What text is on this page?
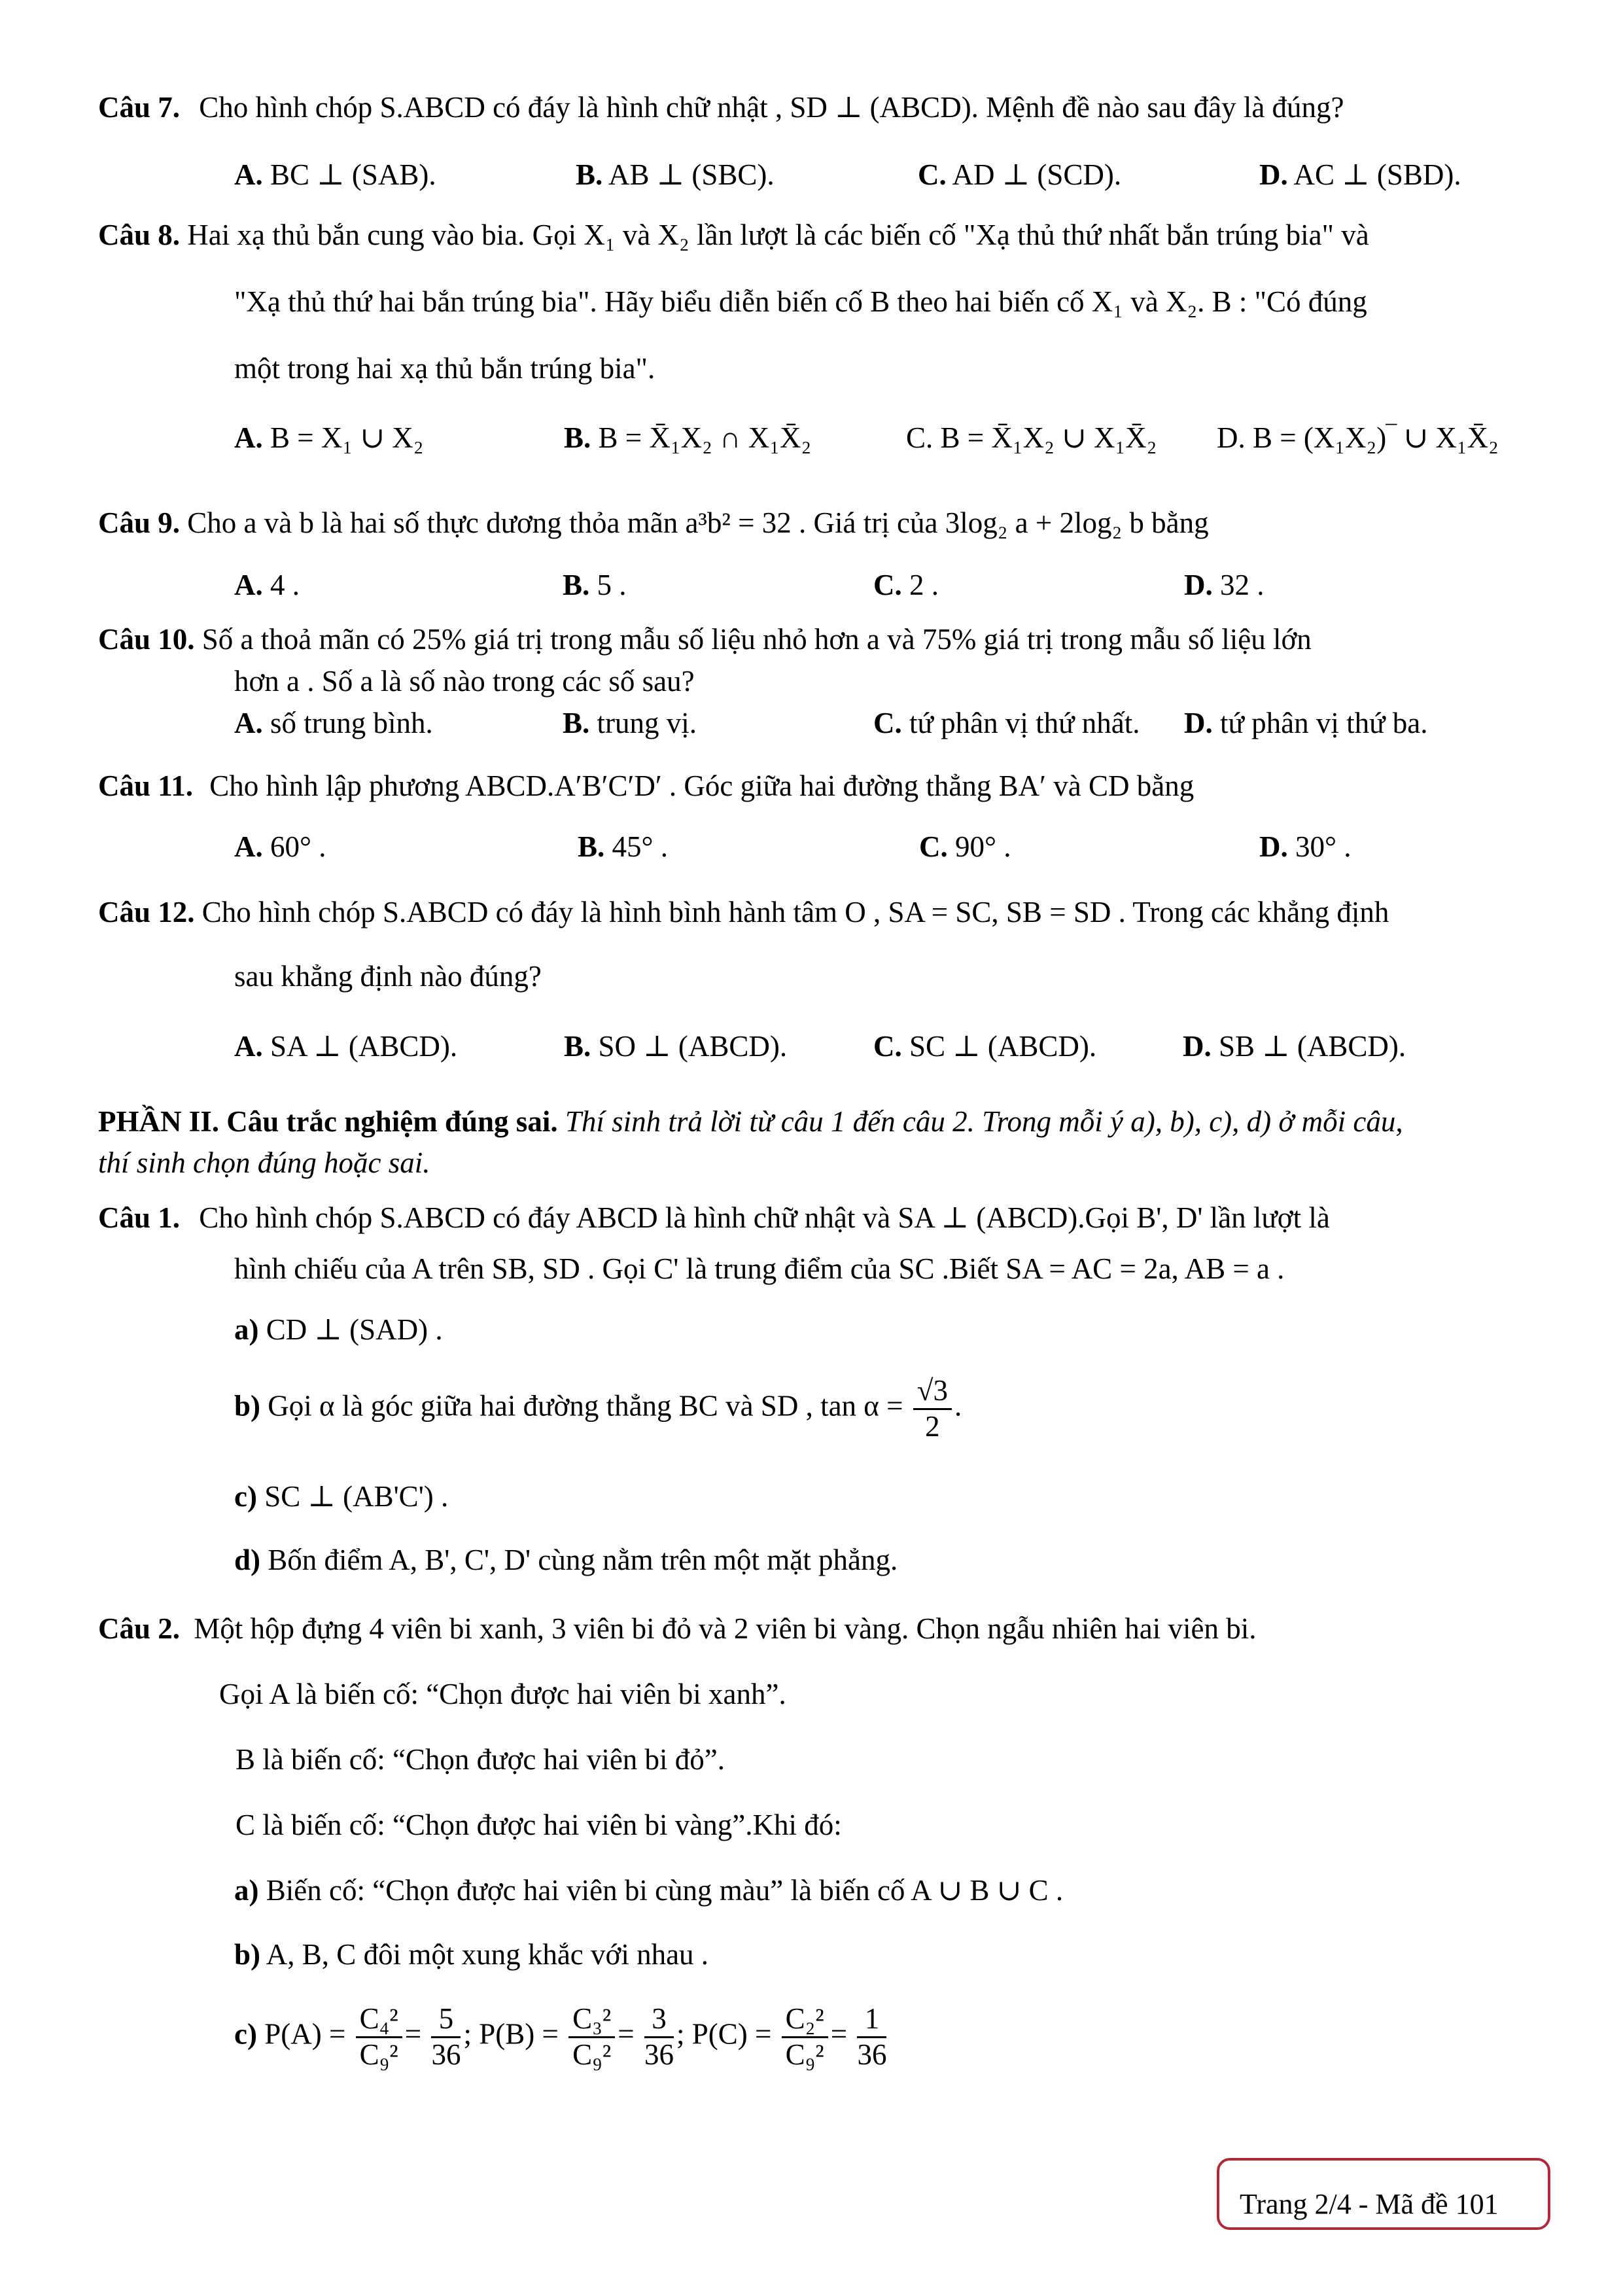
Câu 7. Cho hình chóp S.ABCD có đáy là hình chữ nhật , SD ⊥ (ABCD). Mệnh đề nào sau đây là đúng?
A. BC ⊥ (SAB).	B. AB ⊥ (SBC).	C. AD ⊥ (SCD).	D. AC ⊥ (SBD).
Câu 8. Hai xạ thủ bắn cung vào bia. Gọi X₁ và X₂ lần lượt là các biến cố "Xạ thủ thứ nhất bắn trúng bia" và
"Xạ thủ thứ hai bắn trúng bia". Hãy biểu diễn biến cố B theo hai biến cố X₁ và X₂. B : "Có đúng
một trong hai xạ thủ bắn trúng bia".
A. B = X₁ ∪ X₂	B. B = X̄₁X₂ ∩ X₁X̄₂	C. B = X̄₁X₂ ∪ X₁X̄₂ D. B = (X₁X₂)‾ ∪ X₁X̄₂
Câu 9. Cho a và b là hai số thực dương thỏa mãn a³b² = 32 . Giá trị của 3log₂ a + 2log₂ b bằng
A. 4 .	B. 5 .	C. 2 .	D. 32 .
Câu 10. Số a thoả mãn có 25% giá trị trong mẫu số liệu nhỏ hơn a và 75% giá trị trong mẫu số liệu lớn
hơn a . Số a là số nào trong các số sau?
A. số trung bình.	B. trung vị.	C. tứ phân vị thứ nhất. D. tứ phân vị thứ ba.
Câu 11. Cho hình lập phương ABCD.A′B′C′D′ . Góc giữa hai đường thẳng BA′ và CD bằng
A. 60° .	B. 45° .	C. 90° .	D. 30° .
Câu 12. Cho hình chóp S.ABCD có đáy là hình bình hành tâm O , SA = SC, SB = SD . Trong các khẳng định
sau khẳng định nào đúng?
A. SA ⊥ (ABCD).	B. SO ⊥ (ABCD).	C. SC ⊥ (ABCD).	D. SB ⊥ (ABCD).
PHẦN II. Câu trắc nghiệm đúng sai. Thí sinh trả lời từ câu 1 đến câu 2. Trong mỗi ý a), b), c), d) ở mỗi câu,
thí sinh chọn đúng hoặc sai.
Câu 1. Cho hình chóp S.ABCD có đáy ABCD là hình chữ nhật và SA ⊥ (ABCD).Gọi B', D' lần lượt là
hình chiếu của A trên SB, SD . Gọi C' là trung điểm của SC .Biết SA = AC = 2a, AB = a .
a) CD ⊥ (SAD) .
b) Gọi α là góc giữa hai đường thẳng BC và SD , $\tan \alpha = \frac{√3}{2}$ .
c) SC ⊥ (AB'C') .
d) Bốn điểm A, B', C', D' cùng nằm trên một mặt phẳng.
Câu 2. Một hộp đựng 4 viên bi xanh, 3 viên bi đỏ và 2 viên bi vàng. Chọn ngẫu nhiên hai viên bi.
Gọi A là biến cố: “Chọn được hai viên bi xanh”.
B là biến cố: “Chọn được hai viên bi đỏ”.
C là biến cố: “Chọn được hai viên bi vàng”.Khi đó:
a) Biến cố: “Chọn được hai viên bi cùng màu” là biến cố A ∪ B ∪ C .
b) A, B, C đôi một xung khắc với nhau .
c) $P(A) = \frac{\text{C₄²}}{\text{C₉²}} = \frac{5}{36}$ ; $P(B) = \frac{\text{C₃²}}{\text{C₉²}} = \frac{3}{36}$ ; $P(C) = \frac{\text{C₂²}}{\text{C₉²}} = \frac{1}{36}$
Trang 2/4 - Mã đề 101
